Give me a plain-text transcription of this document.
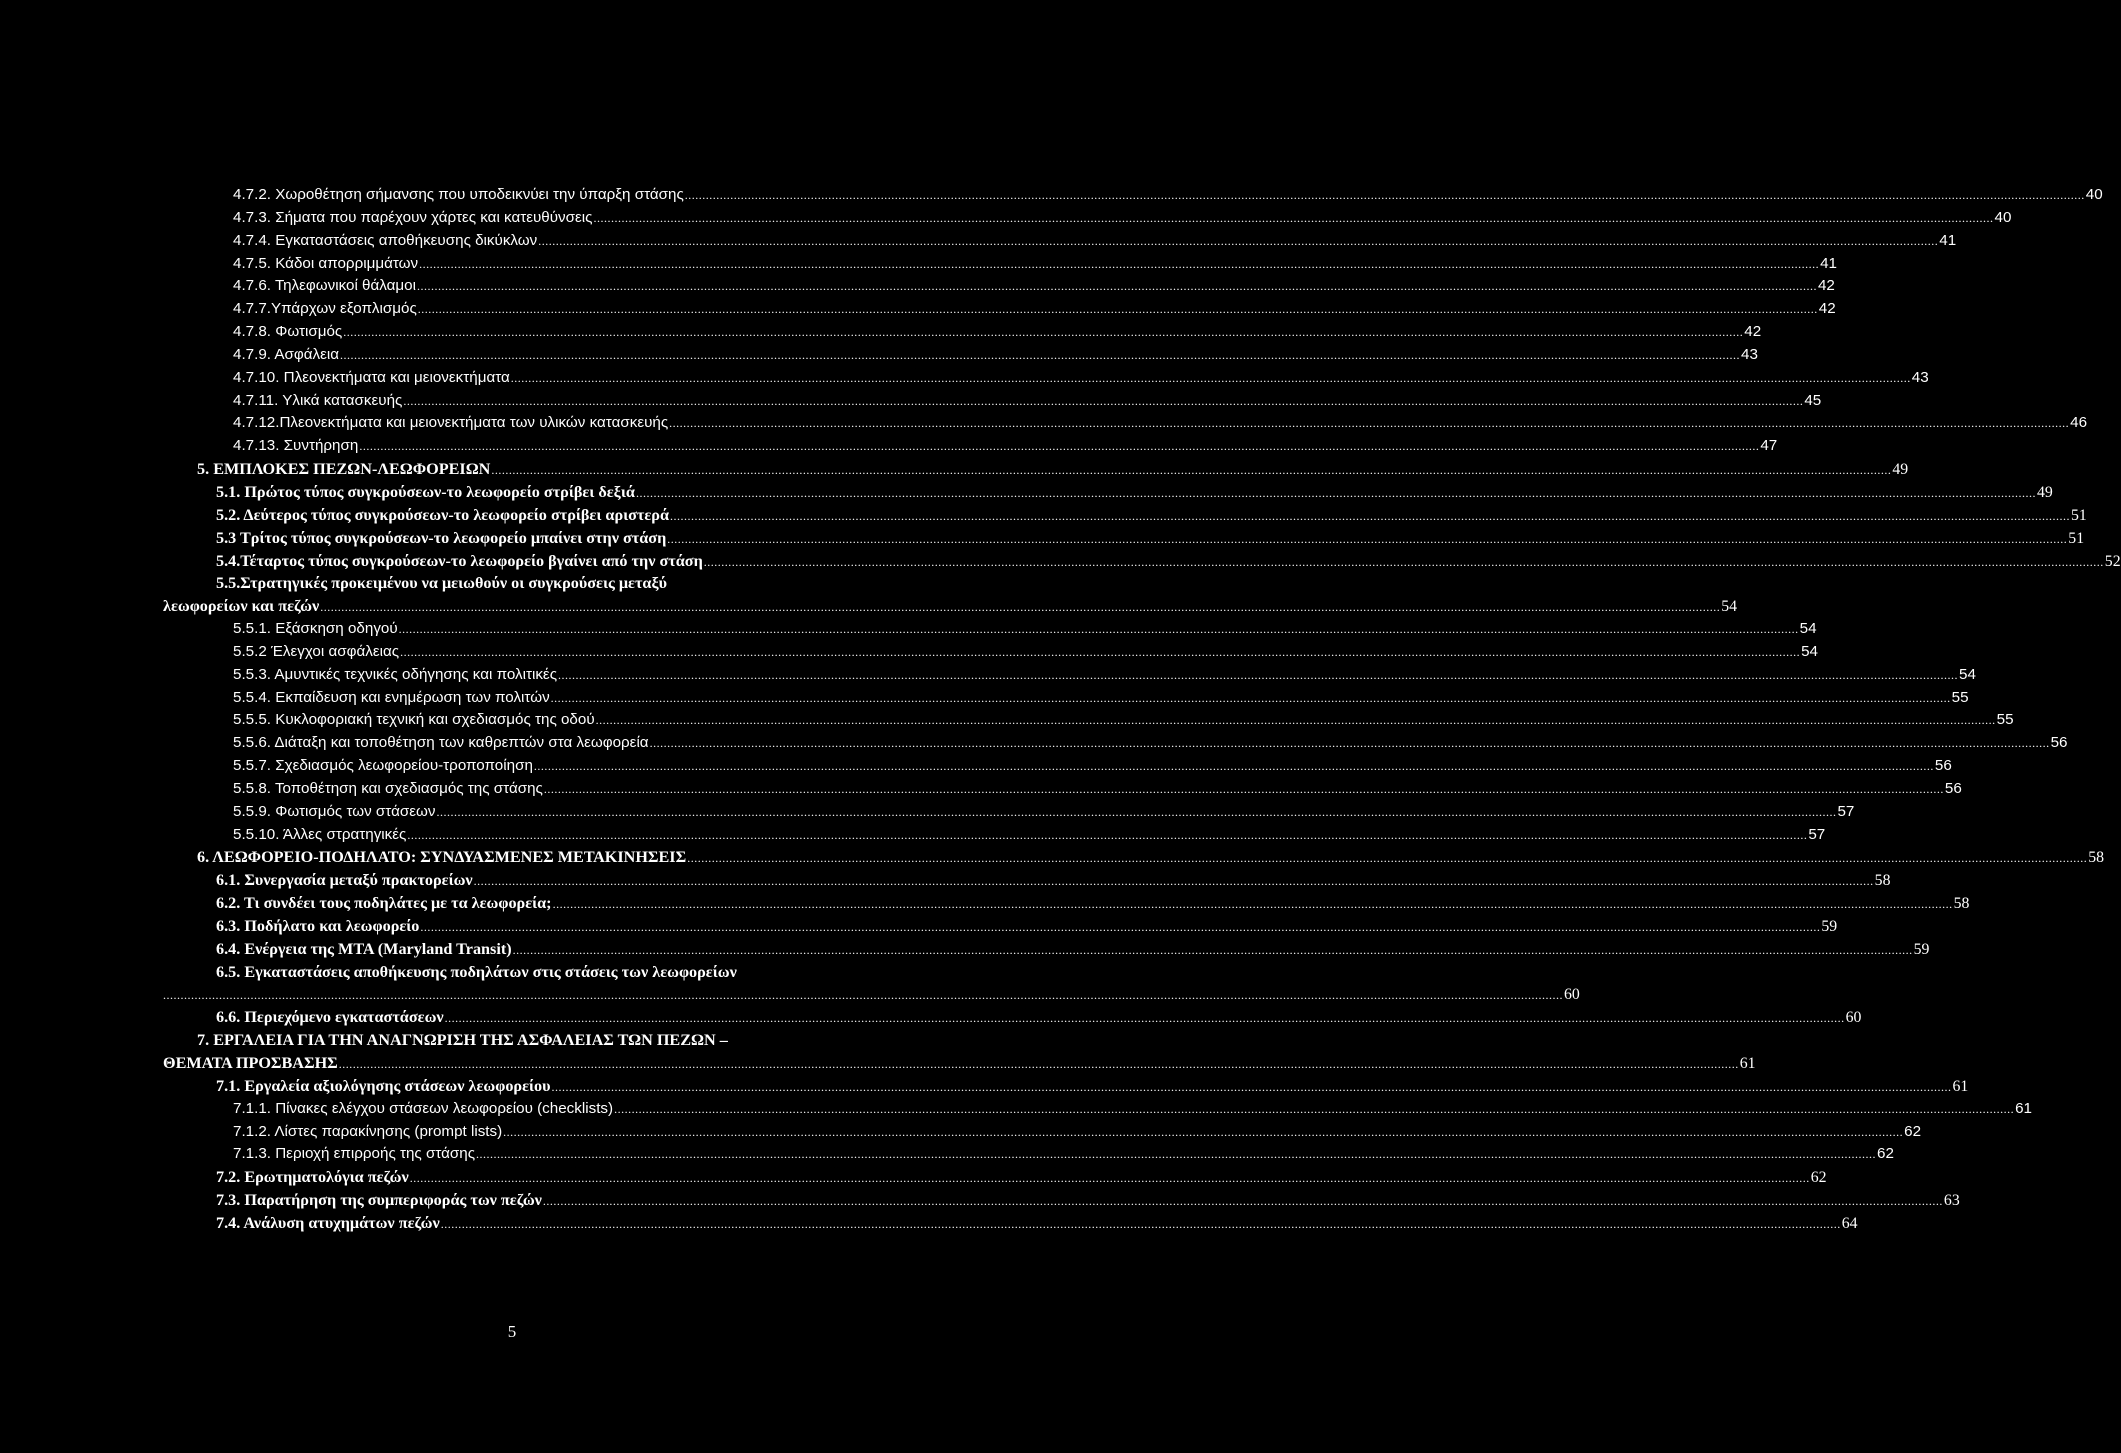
4.7.2. Χωροθέτηση σήμανσης που υποδεικνύει την ύπαρξη στάσης ................................................................................................................................................................................................................................................................................................................................................................................................................ 40
4.7.3. Σήματα που παρέχουν χάρτες και κατευθύνσεις ................................................................................................................................................................................................................................................................................................................................................................................................................ 40
4.7.4. Εγκαταστάσεις αποθήκευσης δικύκλων ................................................................................................................................................................................................................................................................................................................................................................................................................ 41
4.7.5. Κάδοι απορριμμάτων ................................................................................................................................................................................................................................................................................................................................................................................................................ 41
4.7.6. Τηλεφωνικοί θάλαμοι ................................................................................................................................................................................................................................................................................................................................................................................................................ 42
4.7.7.Υπάρχων εξοπλισμός ................................................................................................................................................................................................................................................................................................................................................................................................................ 42
4.7.8. Φωτισμός ................................................................................................................................................................................................................................................................................................................................................................................................................ 42
4.7.9. Ασφάλεια ................................................................................................................................................................................................................................................................................................................................................................................................................ 43
4.7.10. Πλεονεκτήματα και μειονεκτήματα ................................................................................................................................................................................................................................................................................................................................................................................................................ 43
4.7.11. Υλικά κατασκευής ................................................................................................................................................................................................................................................................................................................................................................................................................ 45
4.7.12.Πλεονεκτήματα και μειονεκτήματα των υλικών κατασκευής ................................................................................................................................................................................................................................................................................................................................................................................................................ 46
4.7.13. Συντήρηση ................................................................................................................................................................................................................................................................................................................................................................................................................ 47
5. ΕΜΠΛΟΚΕΣ ΠΕΖΩΝ-ΛΕΩΦΟΡΕΙΩΝ ................................................................................................................................................................................................................................................................................................................................................................................................................ 49
5.1. Πρώτος τύπος συγκρούσεων-το λεωφορείο στρίβει δεξιά ................................................................................................................................................................................................................................................................................................................................................................................................................ 49
5.2. Δεύτερος τύπος συγκρούσεων-το λεωφορείο στρίβει αριστερά ................................................................................................................................................................................................................................................................................................................................................................................................................ 51
5.3 Τρίτος τύπος συγκρούσεων-το λεωφορείο μπαίνει στην στάση ................................................................................................................................................................................................................................................................................................................................................................................................................ 51
5.4.Τέταρτος τύπος συγκρούσεων-το λεωφορείο βγαίνει από την στάση ................................................................................................................................................................................................................................................................................................................................................................................................................ 52
5.5.Στρατηγικές προκειμένου να μειωθούν οι συγκρούσεις μεταξύ
λεωφορείων και πεζών ................................................................................................................................................................................................................................................................................................................................................................................................................ 54
5.5.1. Εξάσκηση οδηγού ................................................................................................................................................................................................................................................................................................................................................................................................................ 54
5.5.2 Έλεγχοι ασφάλειας ................................................................................................................................................................................................................................................................................................................................................................................................................ 54
5.5.3. Αμυντικές τεχνικές οδήγησης και πολιτικές ................................................................................................................................................................................................................................................................................................................................................................................................................ 54
5.5.4. Εκπαίδευση και ενημέρωση των πολιτών ................................................................................................................................................................................................................................................................................................................................................................................................................ 55
5.5.5. Κυκλοφοριακή τεχνική και σχεδιασμός της οδού ................................................................................................................................................................................................................................................................................................................................................................................................................ 55
5.5.6. Διάταξη και τοποθέτηση των καθρεπτών στα λεωφορεία ................................................................................................................................................................................................................................................................................................................................................................................................................ 56
5.5.7. Σχεδιασμός λεωφορείου-τροποποίηση ................................................................................................................................................................................................................................................................................................................................................................................................................ 56
5.5.8. Τοποθέτηση και σχεδιασμός της στάσης ................................................................................................................................................................................................................................................................................................................................................................................................................ 56
5.5.9. Φωτισμός των στάσεων ................................................................................................................................................................................................................................................................................................................................................................................................................ 57
5.5.10. Άλλες στρατηγικές ................................................................................................................................................................................................................................................................................................................................................................................................................ 57
6. ΛΕΩΦΟΡΕΙΟ-ΠΟΔΗΛΑΤΟ: ΣΥΝΔΥΑΣΜΕΝΕΣ ΜΕΤΑΚΙΝΗΣΕΙΣ ................................................................................................................................................................................................................................................................................................................................................................................................................ 58
6.1. Συνεργασία μεταξύ πρακτορείων ................................................................................................................................................................................................................................................................................................................................................................................................................ 58
6.2. Τι συνδέει τους ποδηλάτες με τα λεωφορεία; ................................................................................................................................................................................................................................................................................................................................................................................................................ 58
6.3. Ποδήλατο και λεωφορείο ................................................................................................................................................................................................................................................................................................................................................................................................................ 59
6.4. Ενέργεια της MTA (Maryland Transit) ................................................................................................................................................................................................................................................................................................................................................................................................................ 59
6.5. Εγκαταστάσεις αποθήκευσης ποδηλάτων στις στάσεις των λεωφορείων
................................................................................................................................................................................................................................................................................................................................................................................................................ 60
6.6. Περιεχόμενο εγκαταστάσεων ................................................................................................................................................................................................................................................................................................................................................................................................................ 60
7. ΕΡΓΑΛΕΙΑ ΓΙΑ ΤΗΝ ΑΝΑΓΝΩΡΙΣΗ ΤΗΣ ΑΣΦΑΛΕΙΑΣ ΤΩΝ ΠΕΖΩΝ –
ΘΕΜΑΤΑ ΠΡΟΣΒΑΣΗΣ ................................................................................................................................................................................................................................................................................................................................................................................................................ 61
7.1. Εργαλεία αξιολόγησης στάσεων λεωφορείου ................................................................................................................................................................................................................................................................................................................................................................................................................ 61
7.1.1. Πίνακες ελέγχου στάσεων λεωφορείου (checklists) ................................................................................................................................................................................................................................................................................................................................................................................................................ 61
7.1.2. Λίστες παρακίνησης (prompt lists) ................................................................................................................................................................................................................................................................................................................................................................................................................ 62
7.1.3. Περιοχή επιρροής της στάσης ................................................................................................................................................................................................................................................................................................................................................................................................................ 62
7.2. Ερωτηματολόγια πεζών ................................................................................................................................................................................................................................................................................................................................................................................................................ 62
7.3. Παρατήρηση της συμπεριφοράς των πεζών ................................................................................................................................................................................................................................................................................................................................................................................................................ 63
7.4. Ανάλυση ατυχημάτων πεζών ................................................................................................................................................................................................................................................................................................................................................................................................................ 64
5
